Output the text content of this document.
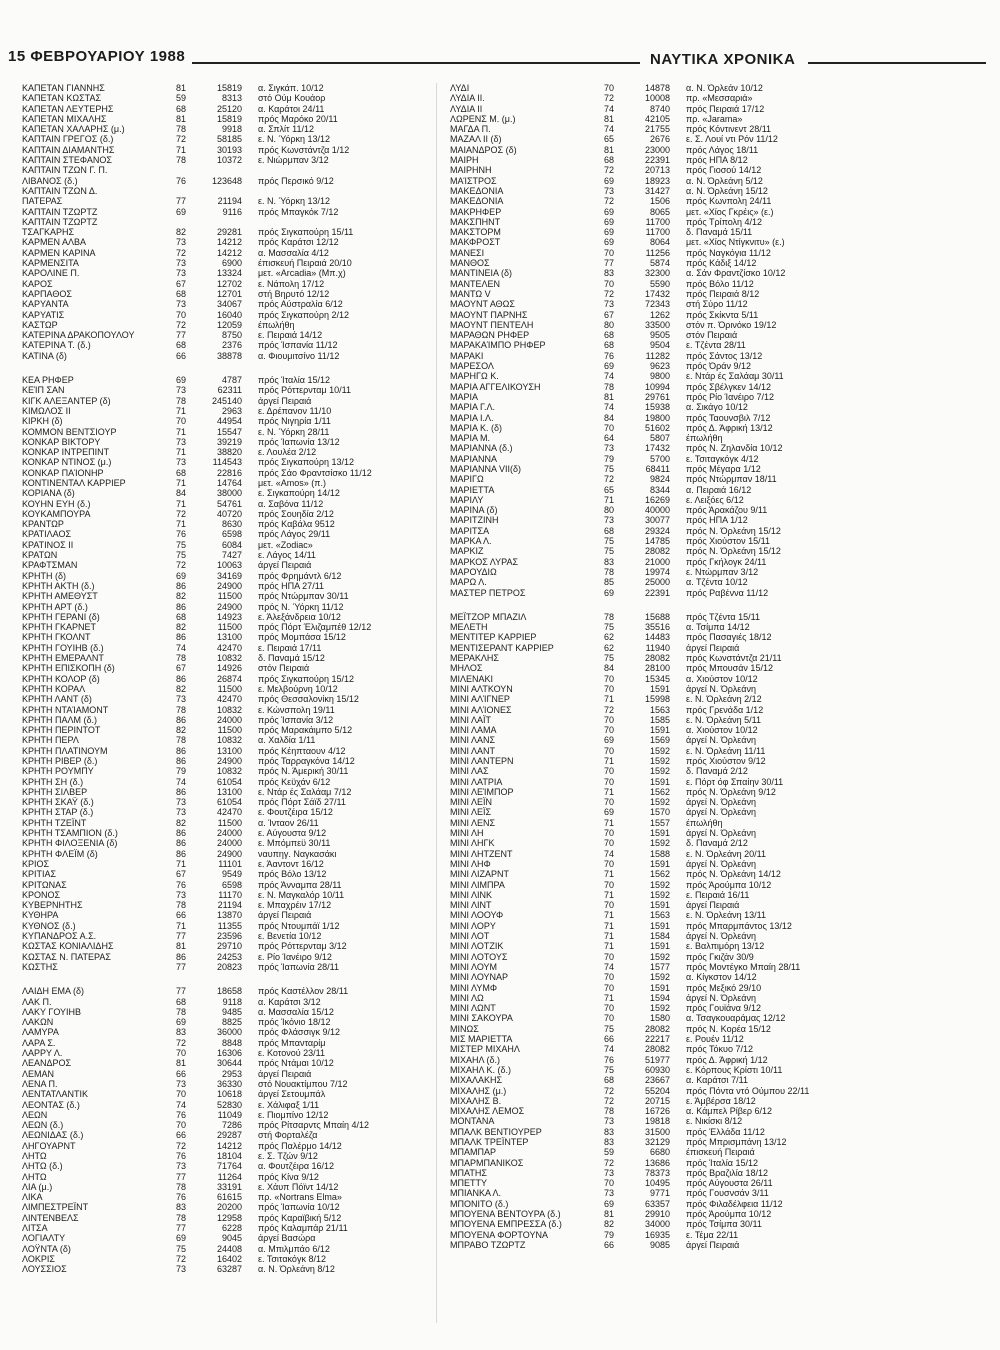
15 ΦΕΒΡΟΥΑΡΙΟΥ 1988	ΝΑΥΤΙΚΑ ΧΡΟΝΙΚΑ
ΚΑΠΕΤΑΝ ΓΙΑΝΝΗΣ	81	15819	α. Σιγκάπ. 10/12
ΚΑΠΕΤΑΝ ΚΩΣΤΑΣ	59	8313	στό Ούμ Κουάορ
ΚΑΠΕΤΑΝ ΛΕΥΤΕΡΗΣ	68	25120	α. Καράτοι 24/11
ΚΑΠΕΤΑΝ ΜΙΧΑΛΗΣ	81	15819	πρός Μαρόκο 20/11
ΚΑΠΕΤΑΝ ΧΑΛΑΡΗΣ (μ.)	78	9918	α. Σπλίτ 11/12
ΚΑΠΤΑΙΝ ΓΡΕΓΟΣ (δ.)	72	58185	ε. Ν. Ύόρκη 13/12
ΚΑΠΤΑΙΝ ΔΙΑΜΑΝΤΗΣ	71	30193	πρός Κωνστάντζα 1/12
ΚΑΠΤΑΙΝ ΣΤΕΦΑΝΟΣ	78	10372	ε. Νιώρμπαν 3/12
ΚΑΠΤΑΙΝ ΤΖΩΝ Γ. Π.
ΛΙΒΑΝΟΣ (δ.)	76	123648	πρός Περσικό 9/12
ΚΑΠΤΑΙΝ ΤΖΩΝ Δ.
ΠΑΤΕΡΑΣ	77	21194	ε. Ν. Ύόρκη 13/12
ΚΑΠΤΑΙΝ ΤΖΩΡΤΖ	69	9116	πρός Μπαγκόκ 7/12
ΚΑΠΤΑΙΝ ΤΖΩΡΤΖ
ΤΣΑΓΚΑΡΗΣ	82	29281	πρός Σιγκαπούρη 15/11
ΚΑΡΜΕΝ ΑΛΒΑ	73	14212	πρός Καράτσι 12/12
ΚΑΡΜΕΝ ΚΑΡΙΝΑ	72	14212	α. Μασσαλία 4/12
ΚΑΡΜΕΝΣΙΤΑ	73	6900	έπισκευή Πειραιά 20/10
ΚΑΡΟΛΙΝΕ Π.	73	13324	μετ. «Arcadia» (Μπ.χ)
ΚΑΡΟΣ	67	12702	ε. Νάπολη 17/12
ΚΑΡΠΑΘΟΣ	68	12701	στή Βηρυτό 12/12
ΚΑΡΥΑΝΤΑ	73	34067	πρός Αύστραλία 6/12
ΚΑΡΥΑΤΙΣ	70	16040	πρός Σιγκαπούρη 2/12
ΚΑΣΤΩΡ	72	12059	έπωλήθη
ΚΑΤΕΡΙΝΑ ΔΡΑΚΟΠΟΥΛΟΥ	77	8750	ε. Πειραιά 14/12
ΚΑΤΕΡΙΝΑ Τ. (δ.)	68	2376	πρός Ίσπανία 11/12
ΚΑΤΙΝΑ (δ)	66	38878	α. Φιουμιτσίνο 11/12
ΚΕΑ ΡΗΦΕΡ	69	4787	πρός Ίταλία 15/12
ΚΕΊΠ ΣΑΝ	73	62311	πρός Ρόττερνταμ 10/11
ΚΙΓΚ ΑΛΕΞΑΝΤΕΡ (δ)	78	245140	άργεί Πειραιά
ΚΙΜΩΛΟΣ ΙΙ	71	2963	ε. Δρέπανον 11/10
ΚΙΡΚΗ (δ)	70	44954	πρός Νιγηρία 1/11
ΚΟΜΜΟΝ ΒΕΝΤΣΙΟΥΡ	71	15547	ε. Ν. Ύόρκη 28/11
ΚΟΝΚΑΡ ΒΙΚΤΟΡΥ	73	39219	πρός Ίαπωνία 13/12
ΚΟΝΚΑΡ ΙΝΤΡΕΠΙΝΤ	71	38820	ε. Λουλέα 2/12
ΚΟΝΚΑΡ ΝΤΙΝΟΣ (μ.)	73	114543	πρός Σιγκαπούρη 13/12
ΚΟΝΚΑΡ ΠΑΊΟΝΗΡ	68	22816	πρός Σάο Φραντσίσκο 11/12
ΚΟΝΤΙΝΕΝΤΑΛ ΚΑΡΡΙΕΡ	71	14764	μετ. «Amos» (π.)
ΚΟΡΙΑΝΑ (δ)	84	38000	ε. Σιγκαπούρη 14/12
ΚΟΥΗΝ ΕΥΗ (δ.)	71	54761	α. Σαβόνα 11/12
ΚΟΥΚΑΜΠΟΥΡΑ	72	40720	πρός Σουηδία 2/12
ΚΡΑΝΤΩΡ	71	8630	πρός Καβάλα 9512
ΚΡΑΤΙΛΑΟΣ	76	6598	πρός Λάγος 29/11
ΚΡΑΤΙΝΟΣ ΙΙ	75	6084	μετ. «Zodiac»
ΚΡΑΤΩΝ	75	7427	ε. Λάγος 14/11
ΚΡΑΦΤΣΜΑΝ	72	10063	άργεί Πειραιά
ΚΡΗΤΗ (δ)	69	34169	πρός Φρημάντλ 6/12
ΚΡΗΤΗ ΑΚΤΗ (δ.)	86	24900	πρός ΗΠΑ 27/11
ΚΡΗΤΗ ΑΜΕΘΥΣΤ	82	11500	πρός Ντώρμπαν 30/11
ΚΡΗΤΗ ΑΡΤ (δ.)	86	24900	πρός Ν. Ύόρκη 11/12
ΚΡΗΤΗ ΓΕΡΑΝΙ (δ)	68	14923	ε. Άλεξάνδρεια 10/12
ΚΡΗΤΗ ΓΚΑΡΝΕΤ	82	11500	πρός Πόρτ Έλιζαμπέθ 12/12
ΚΡΗΤΗ ΓΚΟΛΝΤ	86	13100	πρός Μομπάσα 15/12
ΚΡΗΤΗ ΓΟΥΙΗΒ (δ.)	74	42470	ε. Πειραιά 17/11
ΚΡΗΤΗ ΕΜΕΡΑΛΝΤ	78	10832	δ. Παναμά 15/12
ΚΡΗΤΗ ΕΠΙΣΚΟΠΗ (δ)	67	14926	στόν Πειραιά
ΚΡΗΤΗ ΚΟΛΟΡ (δ)	86	26874	πρός Σιγκαπούρη 15/12
ΚΡΗΤΗ ΚΟΡΑΛ	82	11500	ε. Μελβούρνη 10/12
ΚΡΗΤΗ ΛΑΝΤ (δ)	73	42470	πρός Θεσσαλονίκη 15/12
ΚΡΗΤΗ ΝΤΑΊΑΜΟΝΤ	78	10832	ε. Κώνσπολη 19/11
ΚΡΗΤΗ ΠΑΛΜ (δ.)	86	24000	πρός Ίσπανία 3/12
ΚΡΗΤΗ ΠΕΡΙΝΤΟΤ	82	11500	πρός Μαρακάιμπο 5/12
ΚΡΗΤΗ ΠΕΡΛ	78	10832	α. Χαλδία 1/11
ΚΡΗΤΗ ΠΛΑΤΙΝΟΥΜ	86	13100	πρός Κέηπταουν 4/12
ΚΡΗΤΗ ΡΙΒΕΡ (δ.)	86	24900	πρός Ταρραγκόνα 14/12
ΚΡΗΤΗ ΡΟΥΜΠΥ	79	10832	πρός Ν. Άμερική 30/11
ΚΡΗΤΗ ΣΗ (δ.)	74	61054	πρός Κεϋχάν 6/12
ΚΡΗΤΗ ΣΙΛΒΕΡ	86	13100	ε. Ντάρ ές Σαλάαμ 7/12
ΚΡΗΤΗ ΣΚΑΫ (δ.)	73	61054	πρός Πόρτ Σάϊδ 27/11
ΚΡΗΤΗ ΣΤΑΡ (δ.)	73	42470	ε. Φουτζέιρα 15/12
ΚΡΗΤΗ ΤΖΕΪΝΤ	82	11500	α. Ίνταον 26/11
ΚΡΗΤΗ ΤΣΑΜΠΙΟΝ (δ.)	86	24000	ε. Αύγουστα 9/12
ΚΡΗΤΗ ΦΙΛΟΞΕΝΙΑ (δ)	86	24000	ε. Μπόμπεϋ 30/11
ΚΡΗΤΗ ΦΛΕΪΜ (δ)	86	24900	ναυπηγ. Ναγκασάκι
ΚΡΙΟΣ	71	11101	ε. Άαντοντ 16/12
ΚΡΙΤΙΑΣ	67	9549	πρός Βόλο 13/12
ΚΡΙΤΩΝΑΣ	76	6598	πρός Άνναμπα 28/11
ΚΡΟΝΟΣ	73	11170	ε. Ν. Μαγκαλόρ 10/11
ΚΥΒΕΡΝΗΤΗΣ	78	21194	ε. Μπαχρέιν 17/12
ΚΥΘΗΡΑ	66	13870	άργεί Πειραιά
ΚΥΘΝΟΣ (δ.)	71	11355	πρός Ντουμπάϊ 1/12
ΚΥΠΑΝΔΡΟΣ Α.Σ.	77	23596	ε. Βενετία 10/12
ΚΩΣΤΑΣ ΚΟΝΙΑΛΙΔΗΣ	81	29710	πρός Ρόττερνταμ 3/12
ΚΩΣΤΑΣ Ν. ΠΑΤΕΡΑΣ	86	24253	ε. Ρίο Ίανέιρο 9/12
ΚΩΣΤΗΣ	77	20823	πρός Ίαπωνία 28/11
ΛΑΙΔΗ ΕΜΑ (δ)	77	18658	πρός Καστέλλον 28/11
ΛΑΚ Π.	68	9118	α. Καράτσι 3/12
ΛΑΚΥ ΓΟΥΙΗΒ	78	9485	α. Μασσαλία 15/12
ΛΑΚΩΝ	69	8825	πρός Ίκόνιο 18/12
ΛΑΜΥΡΑ	83	36000	πρός Φλάσσιγκ 9/12
ΛΑΡΑ Σ.	72	8848	πρός Μπανταρίμ
ΛΑΡΡΥ Λ.	70	16306	ε. Κοτονού 23/11
ΛΕΑΝΔΡΟΣ	81	30644	πρός Ντάμαι 10/12
ΛΕΜΑΝ	66	2953	άργεί Πειραιά
ΛΕΝΑ Π.	73	36330	στό Νουακτίμπου 7/12
ΛΕΝΤΑΤΛΑΝΤΙΚ	70	10618	άργεί Σετουμπάλ
ΛΕΟΝΤΑΣ (δ.)	74	52830	ε. Χάλιφαξ 1/11
ΛΕΩΝ	76	11049	ε. Πιομπίνο 12/12
ΛΕΩΝ (δ.)	70	7286	πρός Ρίτσαρντς Μπαίη 4/12
ΛΕΩΝΙΔΑΣ (δ.)	66	29287	στή Φορταλέζα
ΛΗΓΟΥΑΡΝΤ	72	14212	πρός Παλέρμο 14/12
ΛΗΤΩ	76	18104	ε. Σ. Τζών 9/12
ΛΗΤΩ (δ.)	73	71764	α. Φουτζέιρα 16/12
ΛΗΤΩ	77	11264	πρός Κίνα 9/12
ΛΙΑ (μ.)	78	33191	ε. Χάυπ Πόϊντ 14/12
ΛΙΚΑ	76	61615	πρ. «Nortrans Elma»
ΛΙΜΠΕΣΤΡΕΪΝΤ	83	20200	πρός Ίαπωνία 10/12
ΛΙΝΤΕΝΒΕΛΣ	78	12958	πρός Καραϊβική 5/12
ΛΙΤΣΑ	77	6228	πρός Καλαμπάρ 21/11
ΛΟΓΙΑΛΤΥ	69	9045	άργεί Βασώρα
ΛΟΫΝΤΑ (δ)	75	24408	α. Μπιλμπάο 6/12
ΛΟΚΡΙΣ	72	16402	ε. Τσιτακόγκ 8/12
ΛΟΥΣΣΙΟΣ	73	63287	α. Ν. Όρλεάνη 8/12
ΛΥΔΙ	70	14878	α. Ν. Όρλεάν 10/12
ΛΥΔΙΑ ΙΙ.	72	10008	πρ. «Μεσσαριά»
ΛΥΔΙΑ ΙΙ	74	8740	πρός Πειραιά 17/12
ΛΩΡΕΝΣ Μ. (μ.)	81	42105	πρ. «Jarama»
ΜΑΓΔΑ Π.	74	21755	πρός Κόντινεντ 28/11
ΜΑΖΑΛ ΙΙ (δ)	65	2676	ε. Σ. Λουί ντι Ρόν 11/12
ΜΑΙΑΝΔΡΟΣ (δ)	81	23000	πρός Λάγος 18/11
ΜΑΙΡΗ	68	22391	πρός ΗΠΑ 8/12
ΜΑΙΡΗΝΗ	72	20713	πρός Γιοσού 14/12
ΜΑΊΣΤΡΟΣ	69	18923	α. Ν. Όρλεάνη 5/12
ΜΑΚΕΔΟΝΙΑ	73	31427	α. Ν. Όρλεάνη 15/12
ΜΑΚΕΔΟΝΙΑ	72	1506	πρός Κωνπολη 24/11
ΜΑΚΡΗΦΕΡ	69	8065	μετ. «Χίος Γκρέις» (ε.)
ΜΑΚΣΠΗΝΤ	69	11700	πρός Τρίπολη 4/12
ΜΑΚΣΤΟΡΜ	69	11700	δ. Παναμά 15/11
ΜΑΚΦΡΟΣΤ	69	8064	μετ. «Χίος Ντίγκνιτυ» (ε.)
ΜΑΝΕΣΙ	70	11256	πρός Ναγκόγια 11/12
ΜΑΝΘΟΣ	77	5874	πρός Κάδιξ 14/12
ΜΑΝΤΙΝΕΙΑ (δ)	83	32300	α. Σάν Φραντζίσκο 10/12
ΜΑΝΤΕΛΕΝ	70	5590	πρός Βόλο 11/12
ΜΑΝΤΩ V	72	17432	πρός Πειραιά 8/12
ΜΑΟΥΝΤ ΑΘΩΣ	73	72343	στή Σύρο 11/12
ΜΑΟΥΝΤ ΠΑΡΝΗΣ	67	1262	πρός Σκίκντα 5/11
ΜΑΟΥΝΤ ΠΕΝΤΕΛΗ	80	33500	στόν π. Όρινόκο 19/12
ΜΑΡΑΘΩΝ ΡΗΦΕΡ	68	9505	στόν Πειραιά
ΜΑΡΑΚΑΊΜΠΟ ΡΗΦΕΡ	68	9504	ε. Τζέντα 28/11
ΜΑΡΑΚΙ	76	11282	πρός Σάντος 13/12
ΜΑΡΕΣΟΛ	69	9623	πρός Όράν 9/12
ΜΑΡΗΓΩ Κ.	74	9800	ε. Ντάρ ές Σαλάαμ 30/11
ΜΑΡΙΑ ΑΓΓΕΛΙΚΟΥΣΗ	78	10994	πρός Σβέλγκεν 14/12
ΜΑΡΙΑ	81	29761	πρός Ρίο Ίανέιρο 7/12
ΜΑΡΙΑ Γ.Λ.	74	15938	α. Σικάγο 10/12
ΜΑΡΙΑ Ι.Λ.	84	19800	πρός Ταουνσβιλ 7/12
ΜΑΡΙΑ Κ. (δ)	70	51602	πρός Δ. Άφρική 13/12
ΜΑΡΙΑ Μ.	64	5807	έπωλήθη
ΜΑΡΙΑΝΝΑ (δ.)	73	17432	πρός Ν. Ζηλανδία 10/12
ΜΑΡΙΑΝΝΑ	79	5700	ε. Τσιταγκόγκ 4/12
ΜΑΡΙΑΝΝΑ VII(δ)	75	68411	πρός Μέγαρα 1/12
ΜΑΡΙΓΩ	72	9824	πρός Ντώρμπαν 18/11
ΜΑΡΙΕΤΤΑ	65	8344	α. Πειραιά 16/12
ΜΑΡΙΛΥ	71	16269	ε. Λειξόες 6/12
ΜΑΡΙΝΑ (δ)	80	40000	πρός Άρακάζου 9/11
ΜΑΡΙΤΖΙΝΗ	73	30077	πρός ΗΠΑ 1/12
ΜΑΡΙΤΣΑ	68	29324	πρός Ν. Όρλεάνη 15/12
ΜΑΡΚΑ Λ.	75	14785	πρός Χιούστον 15/11
ΜΑΡΚΙΖ	75	28082	πρός Ν. Όρλεάνη 15/12
ΜΑΡΚΟΣ ΛΥΡΑΣ	83	21000	πρός Γκήλογκ 24/11
ΜΑΡΟΥΔΙΩ	78	19974	ε. Ντώρμπαν 3/12
ΜΑΡΩ Λ.	85	25000	α. Τζέντα 10/12
ΜΑΣΤΕΡ ΠΕΤΡΟΣ	69	22391	πρός Ραβέννα 11/12
ΜΕΪΤΖΟΡ ΜΠΑΖΙΛ	78	15688	πρός Τζέντα 15/11
ΜΕΛΕΤΗ	75	35516	α. Τσίμπα 14/12
ΜΕΝΤΙΤΕΡ ΚΑΡΡΙΕΡ	62	14483	πρός Πασαγιές 18/12
ΜΕΝΤΙΣΕΡΑΝΤ ΚΑΡΡΙΕΡ	62	11940	άργεί Πειραιά
ΜΕΡΑΚΛΗΣ	75	28082	πρός Κωνστάντζα 21/11
ΜΗΛΟΣ	84	28100	πρός Μπουσάν 15/12
ΜΙΛΕΝΑΚΙ	70	15345	α. Χιούστον 10/12
ΜΙΝΙ ΑΛΤΚΟΥΝ	70	1591	άργεί Ν. Όρλεάνη
ΜΙΝΙ ΑΛΊΓΝΕΡ	71	15998	ε. Ν. Όρλεάνη 2/12
ΜΙΝΙ ΑΛΊΟΝΕΣ	72	1563	πρός Γρενάδα 1/12
ΜΙΝΙ ΛΑΪΤ	70	1585	ε. Ν. Όρλεάνη 5/11
ΜΙΝΙ ΛΑΜΑ	70	1591	α. Χιούστον 10/12
ΜΙΝΙ ΛΑΝΣ	69	1569	άργεί Ν. Όρλεάνη
ΜΙΝΙ ΛΑΝΤ	70	1592	ε. Ν. Όρλεάνη 11/11
ΜΙΝΙ ΛΑΝΤΕΡΝ	71	1592	πρός Χιούστον 9/12
ΜΙΝΙ ΛΑΣ	70	1592	δ. Παναμά 2/12
ΜΙΝΙ ΛΑΤΡΙΑ	70	1591	ε. Πόρτ όφ Σπαίην 30/11
ΜΙΝΙ ΛΕΊΜΠΟΡ	71	1562	πρός Ν. Όρλεάνη 9/12
ΜΙΝΙ ΛΕΪΝ	70	1592	άργεί Ν. Όρλεάνη
ΜΙΝΙ ΛΕΪΣ	69	1570	άργεί Ν. Όρλεάνη
ΜΙΝΙ ΛΕΝΣ	71	1557	έπωλήθη
ΜΙΝΙ ΛΗ	70	1591	άργεί Ν. Όρλεάνη
ΜΙΝΙ ΛΗΓΚ	70	1592	δ. Παναμά 2/12
ΜΙΝΙ ΛΗΤΖΕΝΤ	74	1588	ε. Ν. Όρλεάνη 20/11
ΜΙΝΙ ΛΗΦ	70	1591	άργεί Ν. Όρλεάνη
ΜΙΝΙ ΛΙΖΑΡΝΤ	71	1562	πρός Ν. Όρλεάνη 14/12
ΜΙΝΙ ΛΙΜΠΡΑ	70	1592	πρός Άρούμπα 10/12
ΜΙΝΙ ΛΙΝΚ	71	1592	ε. Πειραιά 16/11
ΜΙΝΙ ΛΙΝΤ	70	1591	άργεί Πειραιά
ΜΙΝΙ ΛΟΟΥΦ	71	1563	ε. Ν. Όρλεάνη 13/11
ΜΙΝΙ ΛΟΡΥ	71	1591	πρός Μπαρμπάντος 13/12
ΜΙΝΙ ΛΟΤ	71	1584	άργεί Ν. Όρλεάνη
ΜΙΝΙ ΛΟΤΖΙΚ	71	1591	ε. Βαλπιμόρη 13/12
ΜΙΝΙ ΛΟΤΟΥΣ	70	1592	πρός Γκιζάν 30/9
ΜΙΝΙ ΛΟΥΜ	74	1577	πρός Μοντέγκο Μπαίη 28/11
ΜΙΝΙ ΛΟΥΝΑΡ	70	1592	α. Κίγκστον 14/12
ΜΙΝΙ ΛΥΜΦ	70	1591	πρός Μεξικό 29/10
ΜΙΝΙ ΛΩ	71	1594	άργεί Ν. Όρλεάνη
ΜΙΝΙ ΛΩΝΤ	70	1592	πρός Γουϊάνα 9/12
ΜΙΝΙ ΣΑΚΟΥΡΑ	70	1580	α. Τσαγκουαράμας 12/12
ΜΙΝΩΣ	75	28082	πρός Ν. Κορέα 15/12
ΜΙΣ ΜΑΡΙΕΤΤΑ	66	22217	ε. Ρουέν 11/12
ΜΙΣΤΕΡ ΜΙΧΑΗΛ	74	28082	πρός Τόκυο 7/12
ΜΙΧΑΗΛ (δ.)	76	51977	πρός Δ. Άφρική 1/12
ΜΙΧΑΗΛ Κ. (δ.)	75	60930	ε. Κόρπους Κρίστι 10/11
ΜΙΧΑΛΑΚΗΣ	68	23667	α. Καράτσι 7/11
ΜΙΧΑΛΗΣ (μ.)	72	55204	πρός Πόντα ντό Ούμπου 22/11
ΜΙΧΑΛΗΣ Β.	72	20715	ε. Άμβέρσα 18/12
ΜΙΧΑΛΗΣ ΛΕΜΟΣ	78	16726	α. Κάμπελ Ρίβερ 6/12
ΜΟΝΤΑΝΑ	73	19818	ε. Νικίσκι 8/12
ΜΠΑΛΚ ΒΕΝΤΙΟΥΡΕΡ	83	31500	πρός Έλλάδα 11/12
ΜΠΑΛΚ ΤΡΕΪΝΤΕΡ	83	32129	πρός Μπρισμπάνη 13/12
ΜΠΑΜΠΑΡ	59	6680	έπισκευή Πειραιά
ΜΠΑΡΜΠΑΝΙΚΟΣ	72	13686	πρός Ίταλία 15/12
ΜΠΑΤΗΣ	73	78373	πρός Βραζιλία 18/12
ΜΠΕΤΤΥ	70	10495	πρός Αύγουστα 26/11
ΜΠΙΑΝΚΑ Λ.	73	9771	πρός Γουσνσάν 3/11
ΜΠΟΝΙΤΟ (δ.)	69	63357	πρός Φιλαδέλφεια 11/12
ΜΠΟΥΕΝΑ ΒΕΝΤΟΥΡΑ (δ.)	81	29910	πρός Άρούμπα 10/12
ΜΠΟΥΕΝΑ ΕΜΠΡΕΣΣΑ (δ.)	82	34000	πρός Τσίμπα 30/11
ΜΠΟΥΕΝΑ ΦΟΡΤΟΥΝΑ	79	16935	ε. Τέμα 22/11
ΜΠΡΑΒΟ ΤΖΩΡΤΖ	66	9085	άργεί Πειραιά
